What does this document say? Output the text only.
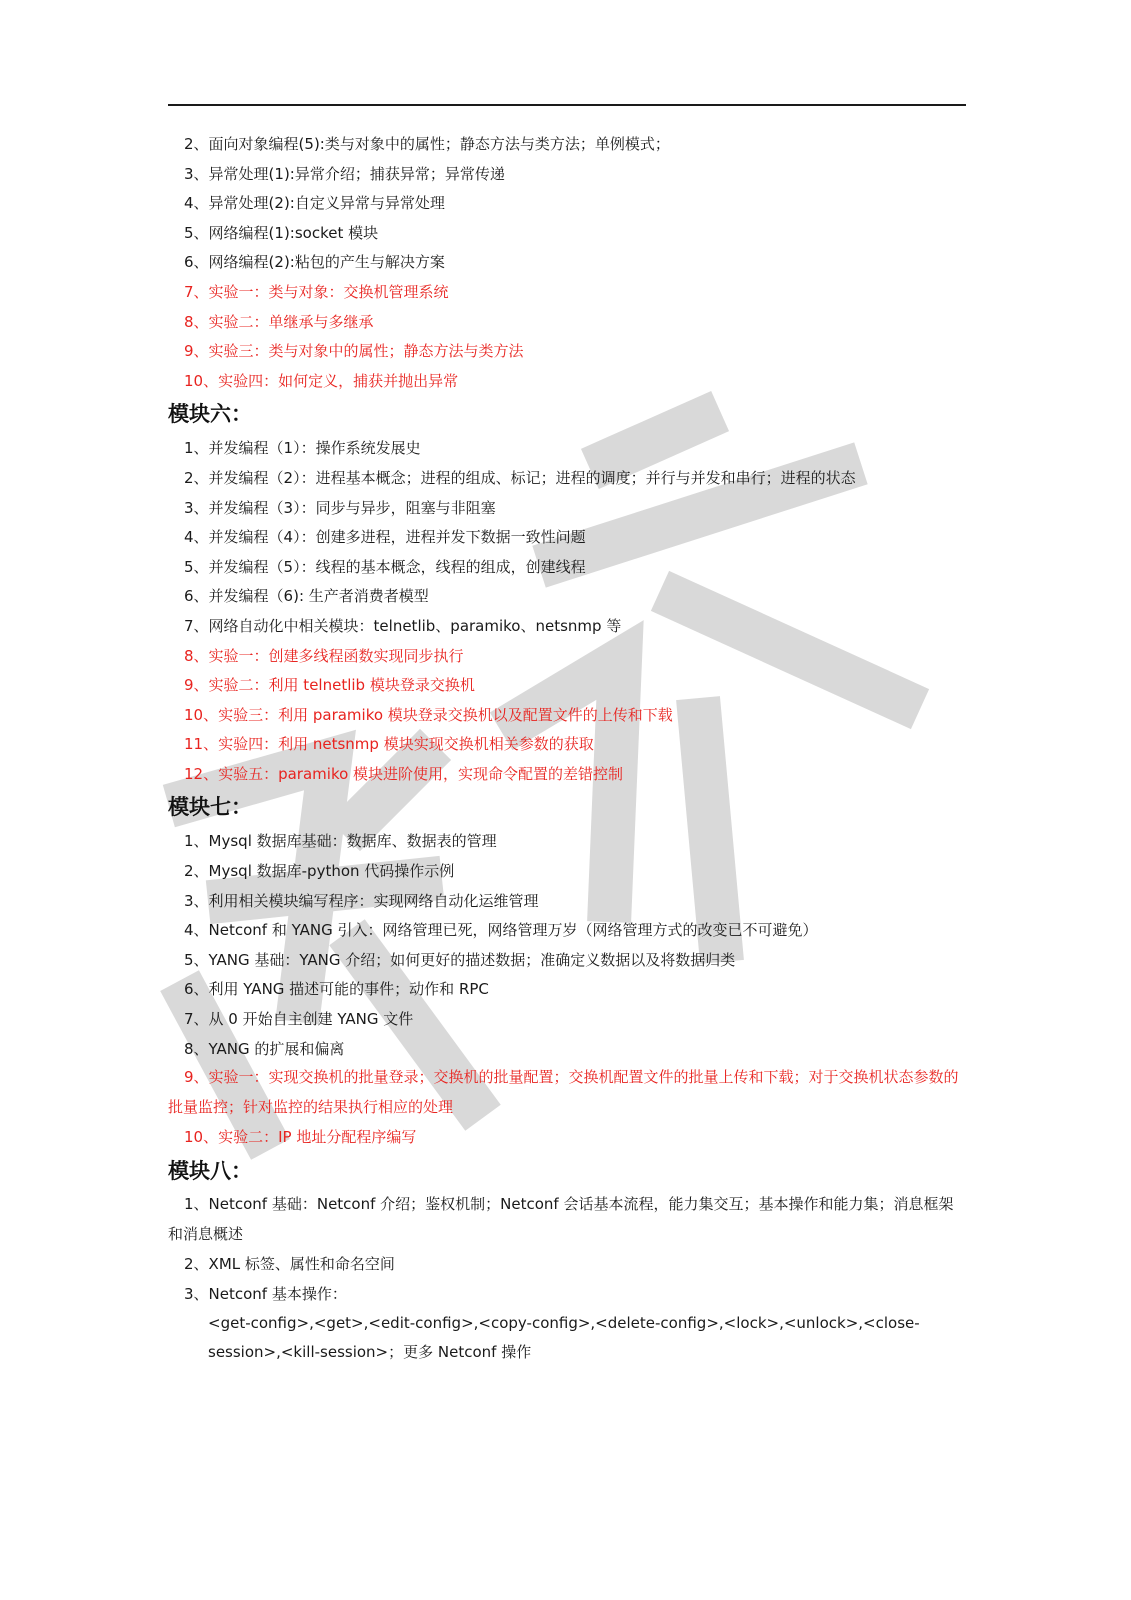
2、面向对象编程(5):类与对象中的属性；静态方法与类方法；单例模式；
3、异常处理(1):异常介绍；捕获异常；异常传递
4、异常处理(2):自定义异常与异常处理
5、网络编程(1):socket 模块
6、网络编程(2):粘包的产生与解决方案
7、实验一：类与对象：交换机管理系统
8、实验二：单继承与多继承
9、实验三：类与对象中的属性；静态方法与类方法
10、实验四：如何定义，捕获并抛出异常
模块六：
1、并发编程（1）：操作系统发展史
2、并发编程（2）：进程基本概念；进程的组成、标记；进程的调度；并行与并发和串行；进程的状态
3、并发编程（3）：同步与异步，阻塞与非阻塞
4、并发编程（4）：创建多进程，进程并发下数据一致性问题
5、并发编程（5）：线程的基本概念，线程的组成，创建线程
6、并发编程（6): 生产者消费者模型
7、网络自动化中相关模块：telnetlib、paramiko、netsnmp 等
8、实验一：创建多线程函数实现同步执行
9、实验二：利用 telnetlib 模块登录交换机
10、实验三：利用 paramiko 模块登录交换机以及配置文件的上传和下载
11、实验四：利用 netsnmp 模块实现交换机相关参数的获取
12、实验五：paramiko 模块进阶使用，实现命令配置的差错控制
模块七：
1、Mysql 数据库基础：数据库、数据表的管理
2、Mysql 数据库-python 代码操作示例
3、利用相关模块编写程序：实现网络自动化运维管理
4、Netconf 和 YANG 引入：网络管理已死，网络管理万岁（网络管理方式的改变已不可避免）
5、YANG 基础：YANG 介绍；如何更好的描述数据；准确定义数据以及将数据归类
6、利用 YANG 描述可能的事件；动作和 RPC
7、从 0 开始自主创建 YANG 文件
8、YANG 的扩展和偏离
9、实验一：实现交换机的批量登录；交换机的批量配置；交换机配置文件的批量上传和下载；对于交换机状态参数的批量监控；针对监控的结果执行相应的处理
10、实验二：IP 地址分配程序编写
模块八：
1、Netconf 基础：Netconf 介绍；鉴权机制；Netconf 会话基本流程，能力集交互；基本操作和能力集；消息框架和消息概述
2、XML 标签、属性和命名空间
3、Netconf 基本操作：
<get-config>,<get>,<edit-config>,<copy-config>,<delete-config>,<lock>,<unlock>,<close-session>,<kill-session>；更多 Netconf 操作
